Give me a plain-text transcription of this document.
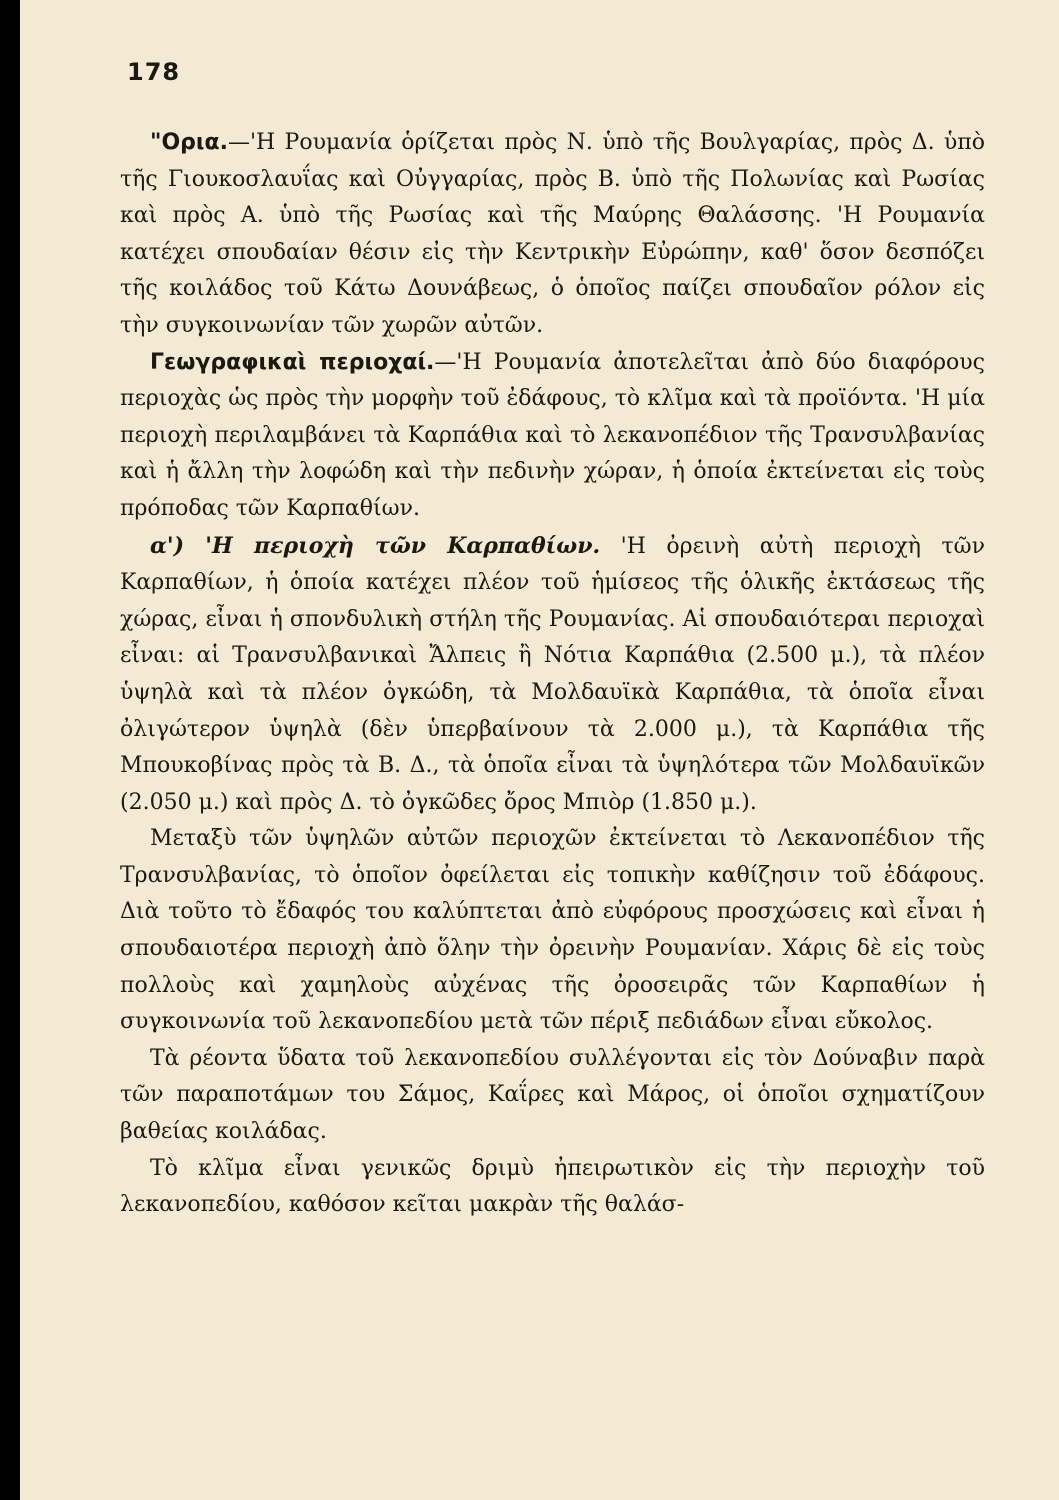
178

"Ορια.—'Η Ρουμανία ὁρίζεται πρὸς Ν. ὑπὸ τῆς Βουλγαρίας, πρὸς Δ. ὑπὸ τῆς Γιουκοσλαυΐας καὶ Οὐγγαρίας, πρὸς Β. ὑπὸ τῆς Πολωνίας καὶ Ρωσίας καὶ πρὸς Α. ὑπὸ τῆς Ρωσίας καὶ τῆς Μαύρης Θαλάσσης. 'Η Ρουμανία κατέχει σπουδαίαν θέσιν εἰς τὴν Κεντρικὴν Εὐρώπην, καθ' ὅσον δεσπόζει τῆς κοιλάδος τοῦ Κάτω Δουνάβεως, ὁ ὁποῖος παίζει σπουδαῖον ρόλον εἰς τὴν συγκοινωνίαν τῶν χωρῶν αὐτῶν.

Γεωγραφικαὶ περιοχαί.—'Η Ρουμανία ἀποτελεῖται ἀπὸ δύο διαφόρους περιοχὰς ὡς πρὸς τὴν μορφὴν τοῦ ἐδάφους, τὸ κλῖμα καὶ τὰ προϊόντα. 'Η μία περιοχὴ περιλαμβάνει τὰ Καρπάθια καὶ τὸ λεκανοπέδιον τῆς Τρανσυλβανίας καὶ ἡ ἄλλη τὴν λοφώδη καὶ τὴν πεδινὴν χώραν, ἡ ὁποία ἐκτείνεται εἰς τοὺς πρόποδας τῶν Καρπαθίων.

α') 'Η περιοχὴ τῶν Καρπαθίων. 'Η ὀρεινὴ αὐτὴ περιοχὴ τῶν Καρπαθίων, ἡ ὁποία κατέχει πλέον τοῦ ἡμίσεος τῆς ὁλικῆς ἐκτάσεως τῆς χώρας, εἶναι ἡ σπονδυλικὴ στήλη τῆς Ρουμανίας. Αἱ σπουδαιότεραι περιοχαὶ εἶναι: αἱ Τρανσυλβανικαὶ Ἄλπεις ἢ Νότια Καρπάθια (2.500 μ.), τὰ πλέον ὑψηλὰ καὶ τὰ πλέον ὀγκώδη, τὰ Μολδαυϊκὰ Καρπάθια, τὰ ὁποῖα εἶναι ὀλιγώτερον ὑψηλὰ (δὲν ὑπερβαίνουν τὰ 2.000 μ.), τὰ Καρπάθια τῆς Μπουκοβίνας πρὸς τὰ Β. Δ., τὰ ὁποῖα εἶναι τὰ ὑψηλότερα τῶν Μολδαυϊκῶν (2.050 μ.) καὶ πρὸς Δ. τὸ ὀγκῶδες ὄρος Μπιὸρ (1.850 μ.).

Μεταξὺ τῶν ὑψηλῶν αὐτῶν περιοχῶν ἐκτείνεται τὸ Λεκανοπέδιον τῆς Τρανσυλβανίας, τὸ ὁποῖον ὀφείλεται εἰς τοπικὴν καθίζησιν τοῦ ἐδάφους. Διὰ τοῦτο τὸ ἔδαφός του καλύπτεται ἀπὸ εὐφόρους προσχώσεις καὶ εἶναι ἡ σπουδαιοτέρα περιοχὴ ἀπὸ ὅλην τὴν ὀρεινὴν Ρουμανίαν. Χάρις δὲ εἰς τοὺς πολλοὺς καὶ χαμηλοὺς αὐχένας τῆς ὀροσειρᾶς τῶν Καρπαθίων ἡ συγκοινωνία τοῦ λεκανοπεδίου μετὰ τῶν πέριξ πεδιάδων εἶναι εὔκολος.

Τὰ ρέοντα ὕδατα τοῦ λεκανοπεδίου συλλέγονται εἰς τὸν Δούναβιν παρὰ τῶν παραποτάμων του Σάμος, Καΐρες καὶ Μάρος, οἱ ὁποῖοι σχηματίζουν βαθείας κοιλάδας.

Τὸ κλῖμα εἶναι γενικῶς δριμὺ ἠπειρωτικὸν εἰς τὴν περιοχὴν τοῦ λεκανοπεδίου, καθόσον κεῖται μακρὰν τῆς θαλάσ-
